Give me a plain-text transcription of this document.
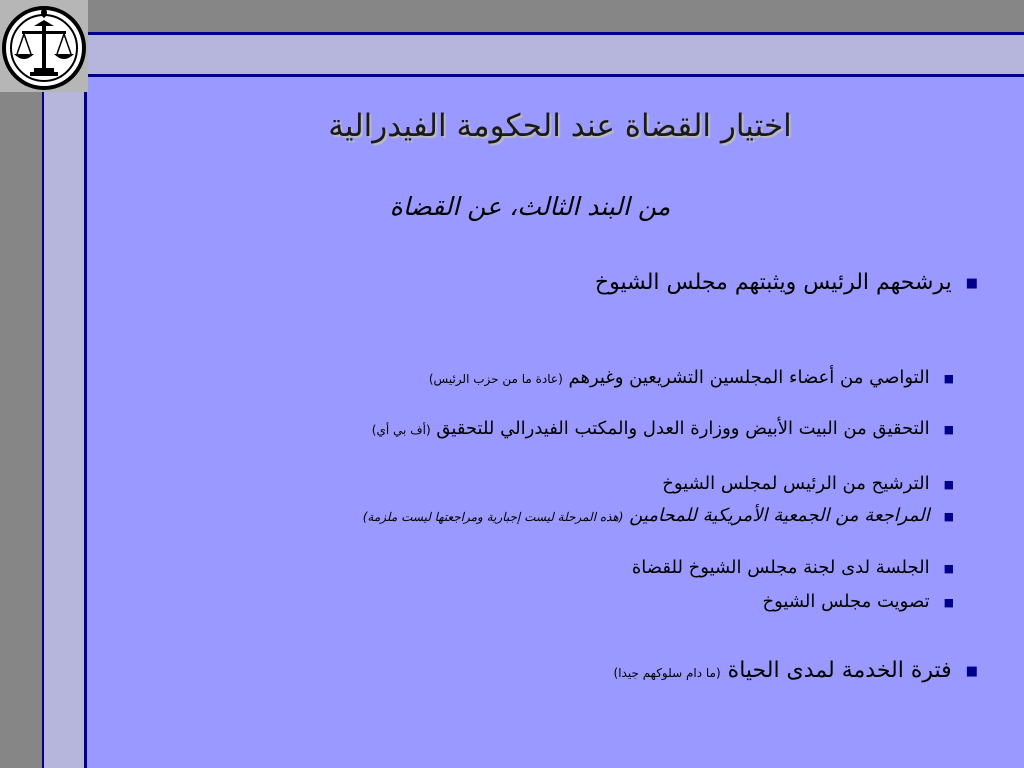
اختيار القضاة عند الحكومة الفيدرالية
من البند الثالث، عن القضاة
■يرشحهم الرئيس ويثبتهم مجلس الشيوخ
■التواصي من أعضاء المجلسين التشريعين وغيرهم (عادة ما من حزب الرئيس)
■التحقيق من البيت الأبيض ووزارة العدل والمكتب الفيدرالي للتحقيق (أف بي أي)
■الترشيح من الرئيس لمجلس الشيوخ
■المراجعة من الجمعية الأمريكية للمحامين (هذه المرحلة ليست إجبارية ومراجعتها ليست ملزمة)
■الجلسة لدى لجنة مجلس الشيوخ للقضاة
■تصويت مجلس الشيوخ
■فترة الخدمة لمدى الحياة (ما دام سلوكهم جيدا)
